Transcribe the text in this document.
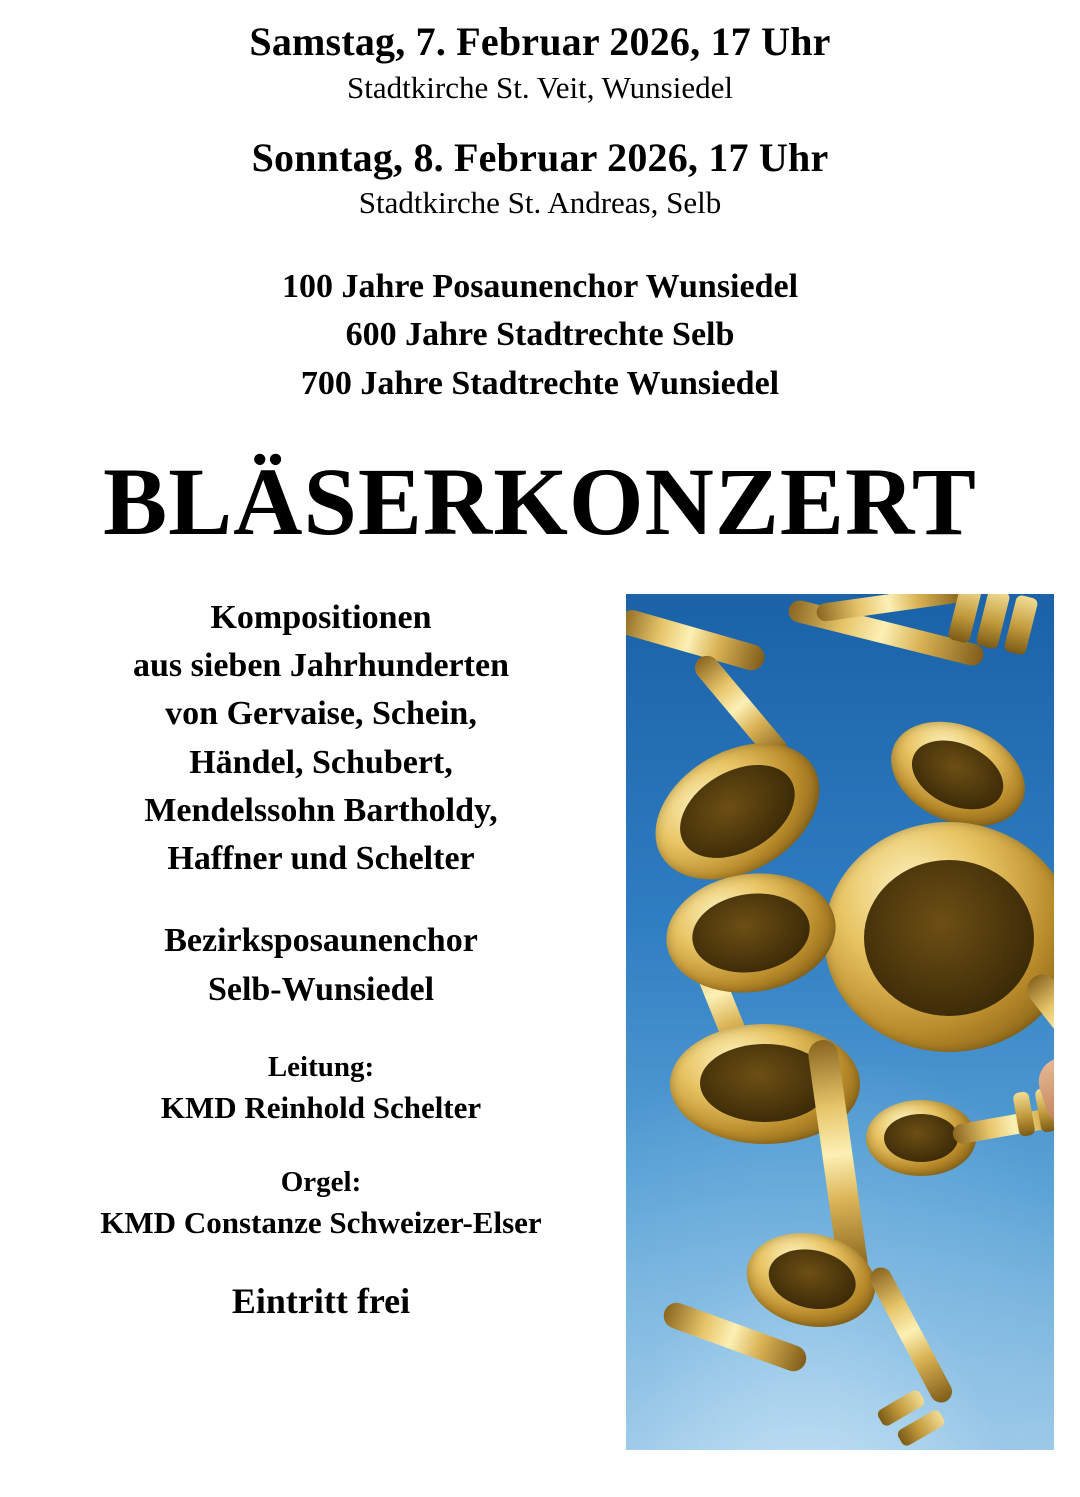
Samstag, 7. Februar 2026, 17 Uhr
Stadtkirche St. Veit, Wunsiedel
Sonntag, 8. Februar 2026, 17 Uhr
Stadtkirche St. Andreas, Selb
100 Jahre Posaunenchor Wunsiedel
600 Jahre Stadtrechte Selb
700 Jahre Stadtrechte Wunsiedel
BLÄSERKONZERT
Kompositionen
aus sieben Jahrhunderten
von Gervaise, Schein,
Händel, Schubert,
Mendelssohn Bartholdy,
Haffner und Schelter
Bezirksposaunenchor
Selb-Wunsiedel
Leitung:
KMD Reinhold Schelter
Orgel:
KMD Constanze Schweizer-Elser
Eintritt frei
